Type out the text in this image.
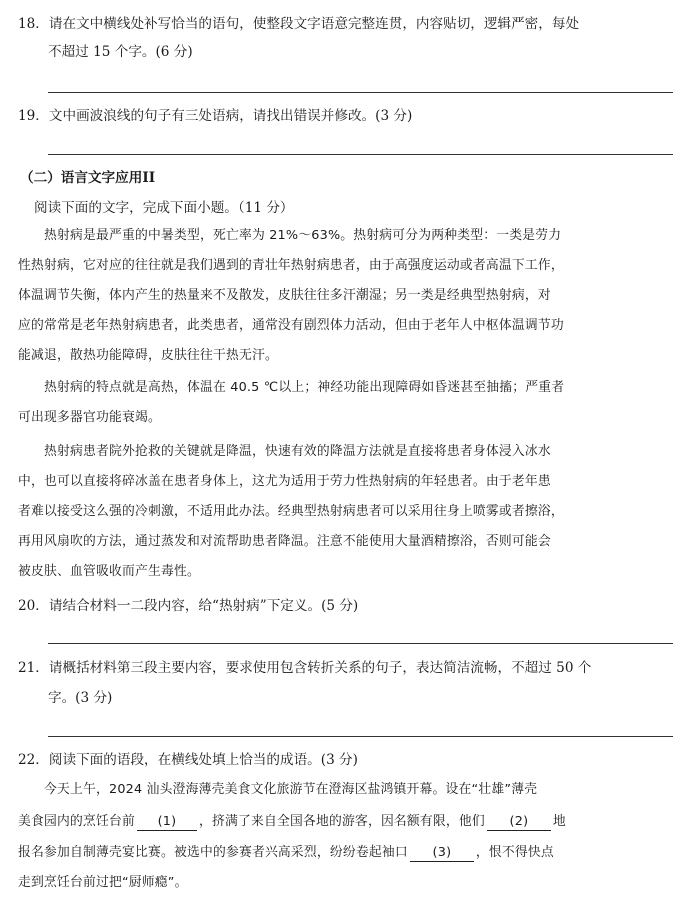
18．请在文中横线处补写恰当的语句，使整段文字语意完整连贯，内容贴切，逻辑严密，每处
不超过 15 个字。(6 分)
19．文中画波浪线的句子有三处语病，请找出错误并修改。(3 分)
（二）语言文字应用II
阅读下面的文字，完成下面小题。（11 分）
热射病是最严重的中暑类型，死亡率为 21%～63%。热射病可分为两种类型：一类是劳力
性热射病，它对应的往往就是我们遇到的青壮年热射病患者，由于高强度运动或者高温下工作，
体温调节失衡，体内产生的热量来不及散发，皮肤往往多汗潮湿；另一类是经典型热射病，对
应的常常是老年热射病患者，此类患者，通常没有剧烈体力活动，但由于老年人中枢体温调节功
能减退，散热功能障碍，皮肤往往干热无汗。
热射病的特点就是高热，体温在 40.5 ℃以上；神经功能出现障碍如昏迷甚至抽搐；严重者
可出现多器官功能衰竭。
热射病患者院外抢救的关键就是降温，快速有效的降温方法就是直接将患者身体浸入冰水
中，也可以直接将碎冰盖在患者身体上，这尤为适用于劳力性热射病的年轻患者。由于老年患
者难以接受这么强的冷刺激，不适用此办法。经典型热射病患者可以采用往身上喷雾或者擦浴，
再用风扇吹的方法，通过蒸发和对流帮助患者降温。注意不能使用大量酒精擦浴，否则可能会
被皮肤、血管吸收而产生毒性。
20．请结合材料一二段内容，给“热射病”下定义。(5 分)
21．请概括材料第三段主要内容，要求使用包含转折关系的句子，表达简洁流畅，不超过 50 个
字。(3 分)
22．阅读下面的语段，在横线处填上恰当的成语。(3 分)
今天上午，2024 汕头澄海薄壳美食文化旅游节在澄海区盐鸿镇开幕。设在“壮雄”薄壳
美食园内的烹饪台前 (1) ，挤满了来自全国各地的游客，因名额有限，他们 (2) 地
报名参加自制薄壳宴比赛。被选中的参赛者兴高采烈，纷纷卷起袖口 (3) ，恨不得快点
走到烹饪台前过把“厨师瘾”。
